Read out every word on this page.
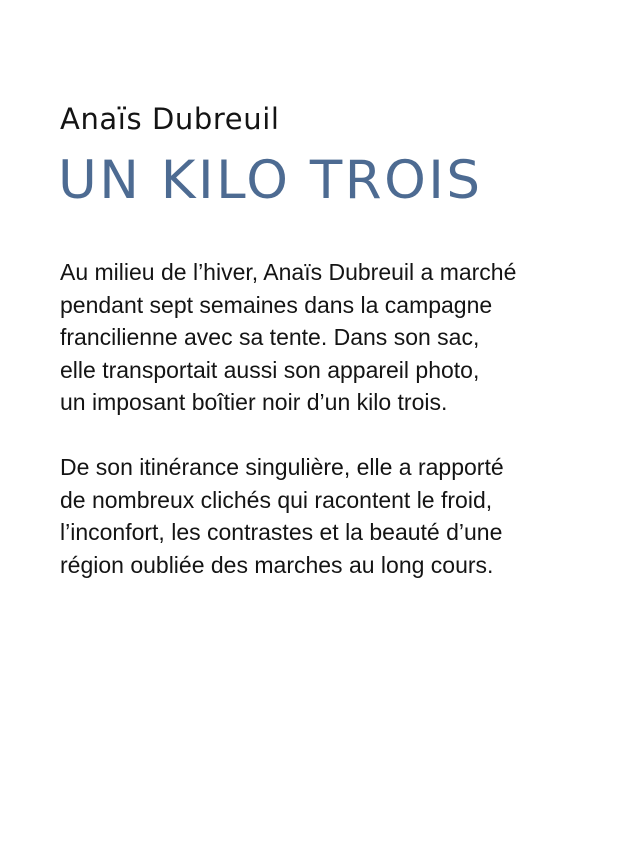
Anaïs Dubreuil
UN KILO TROIS

Au milieu de l’hiver, Anaïs Dubreuil a marché
pendant sept semaines dans la campagne
francilienne avec sa tente. Dans son sac,
elle transportait aussi son appareil photo,
un imposant boîtier noir d’un kilo trois.

De son itinérance singulière, elle a rapporté
de nombreux clichés qui racontent le froid,
l’inconfort, les contrastes et la beauté d’une
région oubliée des marches au long cours.
